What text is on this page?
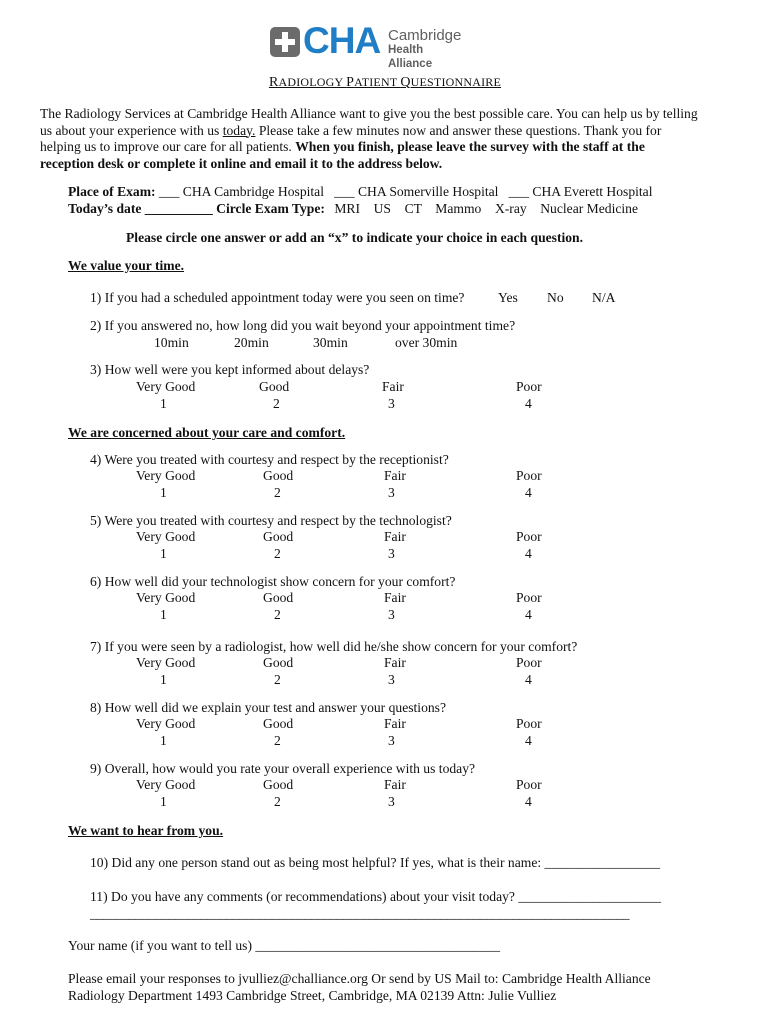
CHA Cambridge
Health Alliance
RADIOLOGY PATIENT QUESTIONNAIRE

The Radiology Services at Cambridge Health Alliance want to give you the best possible care. You can help us by telling us about your experience with us today. Please take a few minutes now and answer these questions. Thank you for helping us to improve our care for all patients. When you finish, please leave the survey with the staff at the reception desk or complete it online and email it to the address below.

Place of Exam: ___ CHA Cambridge Hospital   ___ CHA Somerville Hospital   ___ CHA Everett Hospital
Today’s date __________ Circle Exam Type: MRI    US    CT    Mammo    X-ray    Nuclear Medicine
Please circle one answer or add an “x” to indicate your choice in each question.
We value your time.
1) If you had a scheduled appointment today were you seen on time? Yes No N/A
2) If you answered no, how long did you wait beyond your appointment time?
10min	20min	30min	over 30min
3) How well were you kept informed about delays?
Very Good	Good	Fair	Poor
1	2	3	4
We are concerned about your care and comfort.
4) Were you treated with courtesy and respect by the receptionist?
Very Good	Good	Fair	Poor
1	2	3	4
5) Were you treated with courtesy and respect by the technologist?
Very Good	Good	Fair	Poor
1	2	3	4
6) How well did your technologist show concern for your comfort?
Very Good	Good	Fair	Poor
1	2	3	4
7) If you were seen by a radiologist, how well did he/she show concern for your comfort?
Very Good	Good	Fair	Poor
1	2	3	4
8) How well did we explain your test and answer your questions?
Very Good	Good	Fair	Poor
1	2	3	4
9) Overall, how would you rate your overall experience with us today?
Very Good	Good	Fair	Poor
1	2	3	4
We want to hear from you.
10) Did any one person stand out as being most helpful? If yes, what is their name: _________________
11) Do you have any comments (or recommendations) about your visit today? _____________________
___________________________________________________________________________________
Your name (if you want to tell us) ____________________________________
Please email your responses to jvulliez@challiance.org Or send by US Mail to: Cambridge Health Alliance
Radiology Department 1493 Cambridge Street, Cambridge, MA 02139 Attn: Julie Vulliez
